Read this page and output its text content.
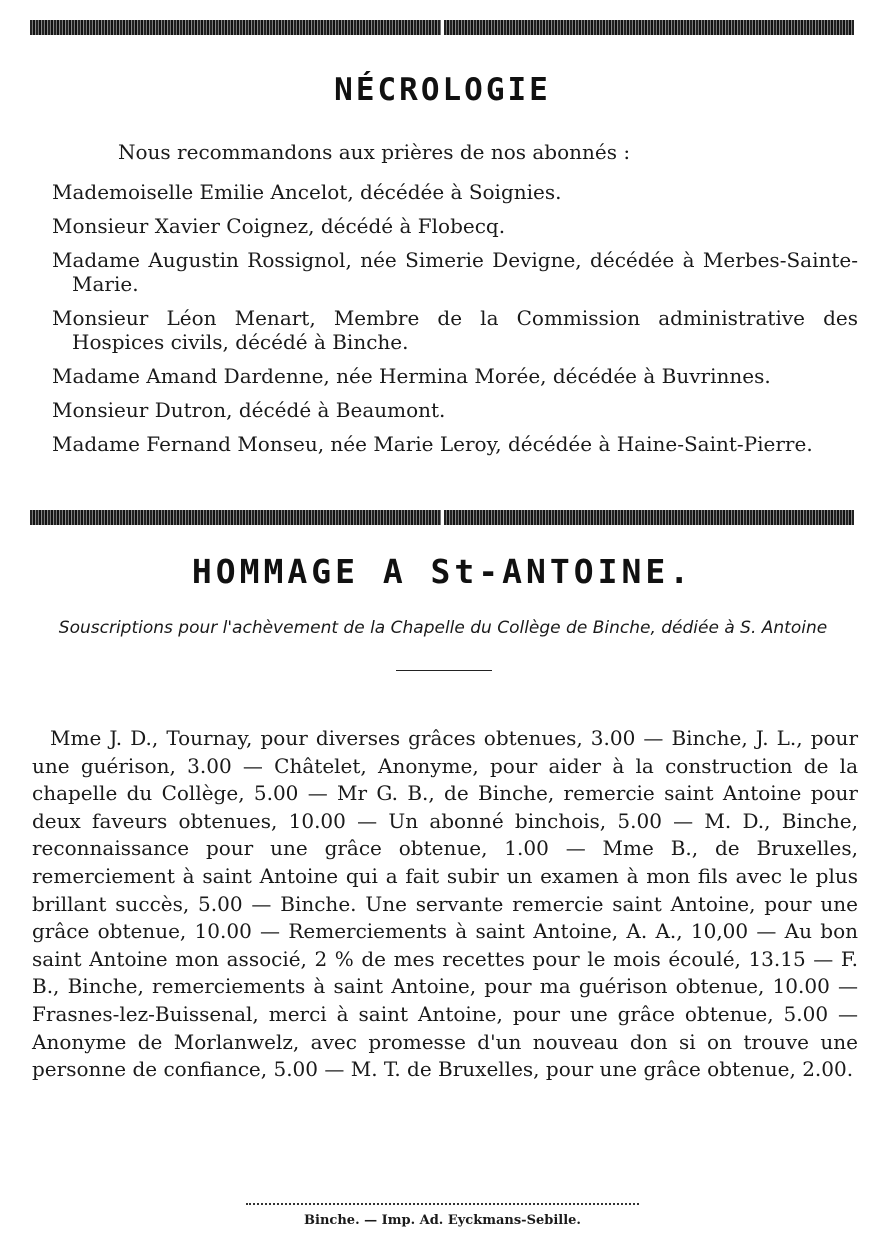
NÉCROLOGIE
Nous recommandons aux prières de nos abonnés :

Mademoiselle Emilie Ancelot, décédée à Soignies.

Monsieur Xavier Coignez, décédé à Flobecq.

Madame Augustin Rossignol, née Simerie Devigne, décédée à Merbes-Sainte-Marie.

Monsieur Léon Menart, Membre de la Commission administrative des Hospices civils, décédé à Binche.

Madame Amand Dardenne, née Hermina Morée, décédée à Buvrinnes.

Monsieur Dutron, décédé à Beaumont.

Madame Fernand Monseu, née Marie Leroy, décédée à Haine-Saint-Pierre.

HOMMAGE A St-ANTOINE.
Souscriptions pour l'achèvement de la Chapelle du Collège de Binche, dédiée à S. Antoine

Mme J. D., Tournay, pour diverses grâces obtenues, 3.00 — Binche, J. L., pour une guérison, 3.00 — Châtelet, Anonyme, pour aider à la construction de la chapelle du Collège, 5.00 — Mr G. B., de Binche, remercie saint Antoine pour deux faveurs obtenues, 10.00 — Un abonné binchois, 5.00 — M. D., Binche, reconnaissance pour une grâce obtenue, 1.00 — Mme B., de Bruxelles, remerciement à saint Antoine qui a fait subir un examen à mon fils avec le plus brillant succès, 5.00 — Binche. Une servante remercie saint Antoine, pour une grâce obtenue, 10.00 — Remerciements à saint Antoine, A. A., 10,00 — Au bon saint Antoine mon associé, 2 % de mes recettes pour le mois écoulé, 13.15 — F. B., Binche, remerciements à saint Antoine, pour ma guérison obtenue, 10.00 — Frasnes-lez-Buissenal, merci à saint Antoine, pour une grâce obtenue, 5.00 — Anonyme de Morlanwelz, avec promesse d'un nouveau don si on trouve une personne de confiance, 5.00 — M. T. de Bruxelles, pour une grâce obtenue, 2.00.

Binche. — Imp. Ad. Eyckmans-Sebille.
